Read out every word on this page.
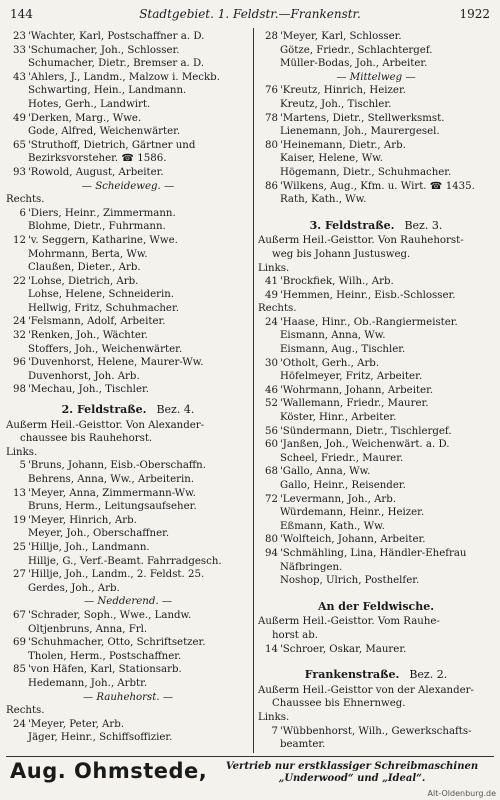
144	Stadtgebiet. 1. Feldstr.—Frankenstr.	1922
23 'Wachter, Karl, Postschaffner a. D.
33 'Schumacher, Joh., Schlosser.
Schumacher, Dietr., Bremser a. D.
43 'Ahlers, J., Landm., Malzow i. Meckb.
Schwarting, Hein., Landmann.
Hotes, Gerh., Landwirt.
49 'Derken, Marg., Wwe.
Gode, Alfred, Weichenwärter.
65 'Struthoff, Dietrich, Gärtner und
Bezirksvorsteher. ☎ 1586.
93 'Rowold, August, Arbeiter.
— Scheideweg. —
Rechts.
6 'Diers, Heinr., Zimmermann.
Blohme, Dietr., Fuhrmann.
12 'v. Seggern, Katharine, Wwe.
Mohrmann, Berta, Ww.
Claußen, Dieter., Arb.
22 'Lohse, Dietrich, Arb.
Lohse, Helene, Schneiderin.
Hellwig, Fritz, Schuhmacher.
24 'Felsmann, Adolf, Arbeiter.
32 'Renken, Joh., Wächter.
Stoffers, Joh., Weichenwärter.
96 'Duvenhorst, Helene, Maurer-Ww.
Duvenhorst, Joh. Arb.
98 'Mechau, Joh., Tischler.
2. Feldstraße. Bez. 4.
Außerm Heil.-Geisttor. Von Alexander-
chaussee bis Rauhehorst.
Links.
5 'Bruns, Johann, Eisb.-Oberschaffn.
Behrens, Anna, Ww., Arbeiterin.
13 'Meyer, Anna, Zimmermann-Ww.
Bruns, Herm., Leitungsaufseher.
19 'Meyer, Hinrich, Arb.
Meyer, Joh., Oberschaffner.
25 'Hillje, Joh., Landmann.
Hillje, G., Verf.-Beamt. Fahrradgesch.
27 'Hillje, Joh., Landm., 2. Feldst. 25.
Gerdes, Joh., Arb.
— Nedderend. —
67 'Schrader, Soph., Wwe., Landw.
Oltjenbruns, Anna, Frl.
69 'Schuhmacher, Otto, Schriftsetzer.
Tholen, Herm., Postschaffner.
85 'von Häfen, Karl, Stationsarb.
Hedemann, Joh., Arbtr.
— Rauhehorst. —
Rechts.
24 'Meyer, Peter, Arb.
Jäger, Heinr., Schiffsoffizier.
28 'Meyer, Karl, Schlosser.
Götze, Friedr., Schlachtergef.
Müller-Bodas, Joh., Arbeiter.
— Mittelweg —
76 'Kreutz, Hinrich, Heizer.
Kreutz, Joh., Tischler.
78 'Martens, Dietr., Stellwerksmst.
Lienemann, Joh., Maurergesel.
80 'Heinemann, Dietr., Arb.
Kaiser, Helene, Ww.
Högemann, Dietr., Schuhmacher.
86 'Wilkens, Aug., Kfm. u. Wirt. ☎ 1435.
Rath, Kath., Ww.
3. Feldstraße. Bez. 3.
Außerm Heil.-Geisttor. Von Rauhehorst-
weg bis Johann Justusweg.
Links.
41 'Brockfiek, Wilh., Arb.
49 'Hemmen, Heinr., Eisb.-Schlosser.
Rechts.
24 'Haase, Hinr., Ob.-Rangiermeister.
Eismann, Anna, Ww.
Eismann, Aug., Tischler.
30 'Otholt, Gerh., Arb.
Höfelmeyer, Fritz, Arbeiter.
46 'Wohrmann, Johann, Arbeiter.
52 'Wallemann, Friedr., Maurer.
Köster, Hinr., Arbeiter.
56 'Sündermann, Dietr., Tischlergef.
60 'Janßen, Joh., Weichenwärt. a. D.
Scheel, Friedr., Maurer.
68 'Gallo, Anna, Ww.
Gallo, Heinr., Reisender.
72 'Levermann, Joh., Arb.
Würdemann, Heinr., Heizer.
Eßmann, Kath., Ww.
80 'Wolfteich, Johann, Arbeiter.
94 'Schmähling, Lina, Händler-Ehefrau
Näfbringen.
Noshop, Ulrich, Posthelfer.
An der Feldwische.
Außerm Heil.-Geisttor. Vom Rauhe-
horst ab.
14 'Schroer, Oskar, Maurer.
Frankenstraße. Bez. 2.
Außerm Heil.-Geisttor von der Alexander-
Chaussee bis Ehnernweg.
Links.
7 'Wübbenhorst, Wilh., Gewerkschafts-
beamter.
Aug. Ohmstede,	Vertrieb nur erstklassiger Schreibmaschinen
„Underwood“ und „Ideal“.
Alt-Oldenburg.de
